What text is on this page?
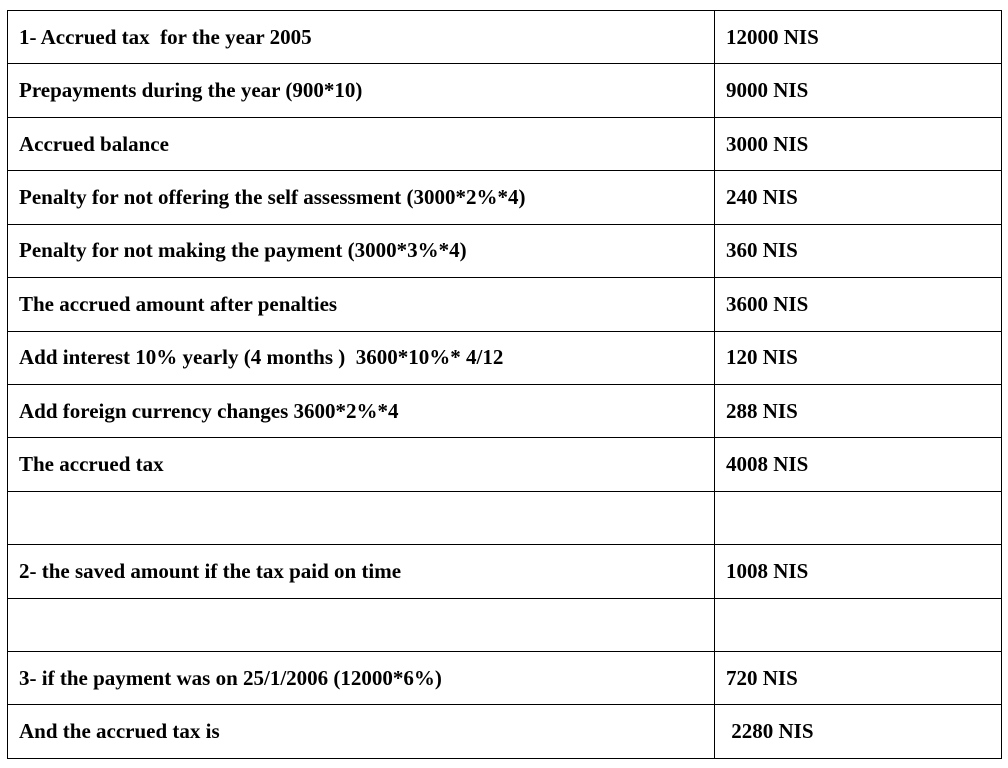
1- Accrued tax  for the year 2005	12000 NIS
Prepayments during the year (900*10)	9000 NIS
Accrued balance	3000 NIS
Penalty for not offering the self assessment (3000*2%*4)	240 NIS
Penalty for not making the payment (3000*3%*4)	360 NIS
The accrued amount after penalties	3600 NIS
Add interest 10% yearly (4 months )  3600*10%* 4/12	120 NIS
Add foreign currency changes 3600*2%*4	288 NIS
The accrued tax	4008 NIS

2- the saved amount if the tax paid on time	1008 NIS

3- if the payment was on 25/1/2006 (12000*6%)	720 NIS
And the accrued tax is	2280 NIS
